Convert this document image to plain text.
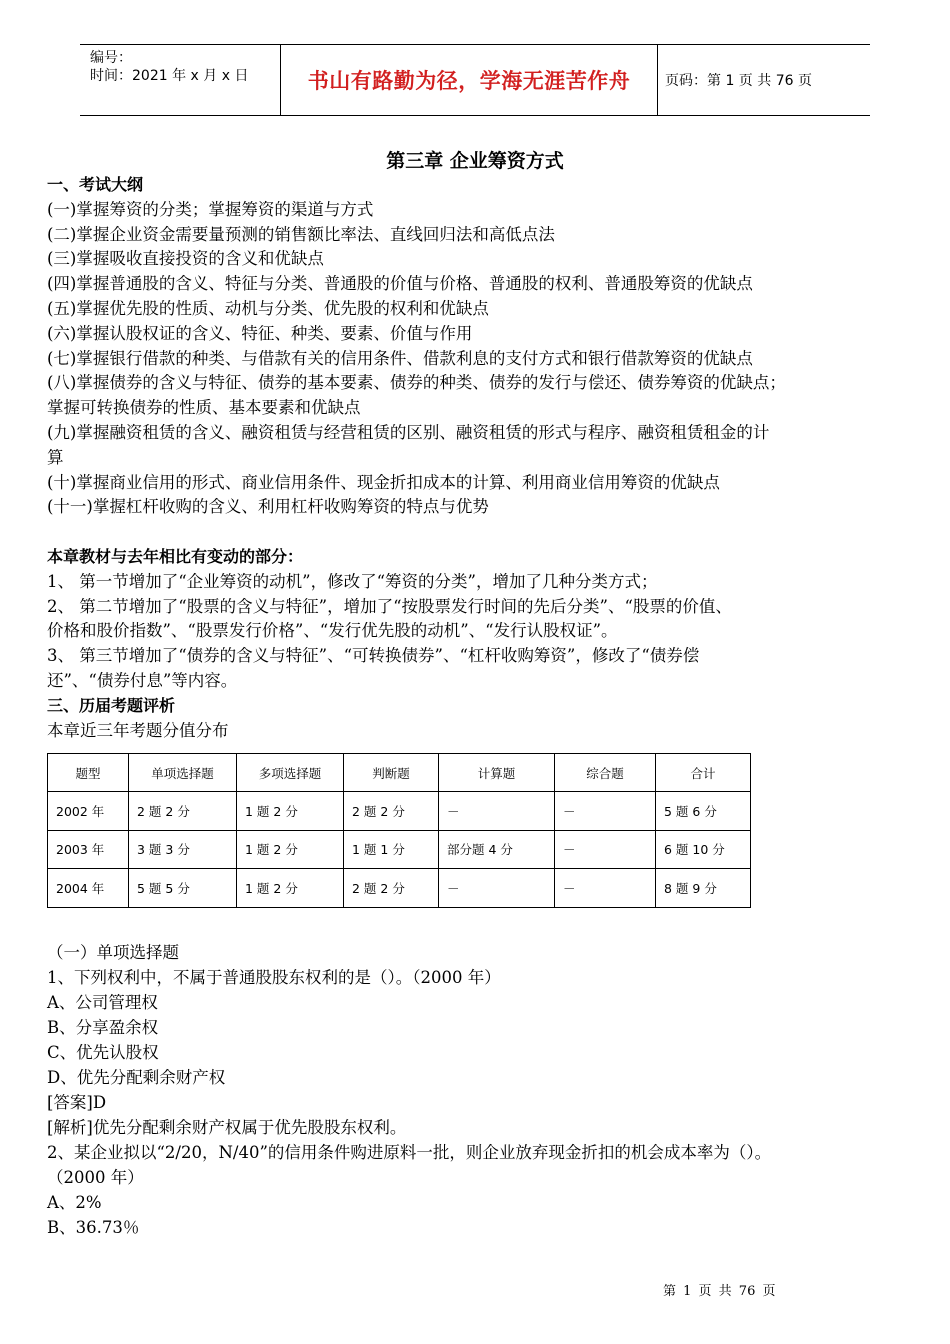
编号：
时间：2021 年 x 月 x 日	书山有路勤为径，学海无涯苦作舟	页码：第 1 页 共 76 页
第三章 企业筹资方式
一、考试大纲
(一)掌握筹资的分类；掌握筹资的渠道与方式
(二)掌握企业资金需要量预测的销售额比率法、直线回归法和高低点法
(三)掌握吸收直接投资的含义和优缺点
(四)掌握普通股的含义、特征与分类、普通股的价值与价格、普通股的权利、普通股筹资的优缺点
(五)掌握优先股的性质、动机与分类、优先股的权利和优缺点
(六)掌握认股权证的含义、特征、种类、要素、价值与作用
(七)掌握银行借款的种类、与借款有关的信用条件、借款利息的支付方式和银行借款筹资的优缺点
(八)掌握债券的含义与特征、债券的基本要素、债券的种类、债券的发行与偿还、债券筹资的优缺点；
掌握可转换债券的性质、基本要素和优缺点
(九)掌握融资租赁的含义、融资租赁与经营租赁的区别、融资租赁的形式与程序、融资租赁租金的计
算
(十)掌握商业信用的形式、商业信用条件、现金折扣成本的计算、利用商业信用筹资的优缺点
(十一)掌握杠杆收购的含义、利用杠杆收购筹资的特点与优势
本章教材与去年相比有变动的部分：
1、 第一节增加了“企业筹资的动机”，修改了“筹资的分类”，增加了几种分类方式；
2、 第二节增加了“股票的含义与特征”，增加了“按股票发行时间的先后分类”、“股票的价值、
价格和股价指数”、“股票发行价格”、“发行优先股的动机”、“发行认股权证”。
3、 第三节增加了“债券的含义与特征”、“可转换债券”、“杠杆收购筹资”，修改了“债券偿
还”、“债券付息”等内容。
三、历届考题评析
本章近三年考题分值分布
题型	单项选择题	多项选择题	判断题	计算题	综合题	合计
2002 年	2 题 2 分	1 题 2 分	2 题 2 分	－	－	5 题 6 分
2003 年	3 题 3 分	1 题 2 分	1 题 1 分	部分题 4 分	－	6 题 10 分
2004 年	5 题 5 分	1 题 2 分	2 题 2 分	－	－	8 题 9 分
（一）单项选择题
1、下列权利中，不属于普通股股东权利的是（）。（2000 年）
A、公司管理权
B、分享盈余权
C、优先认股权
D、优先分配剩余财产权
[答案]D
[解析]优先分配剩余财产权属于优先股股东权利。
2、某企业拟以“2/20，N/40”的信用条件购进原料一批，则企业放弃现金折扣的机会成本率为（）。
（2000 年）
A、2%
B、36.73％
第 1 页 共 76 页
